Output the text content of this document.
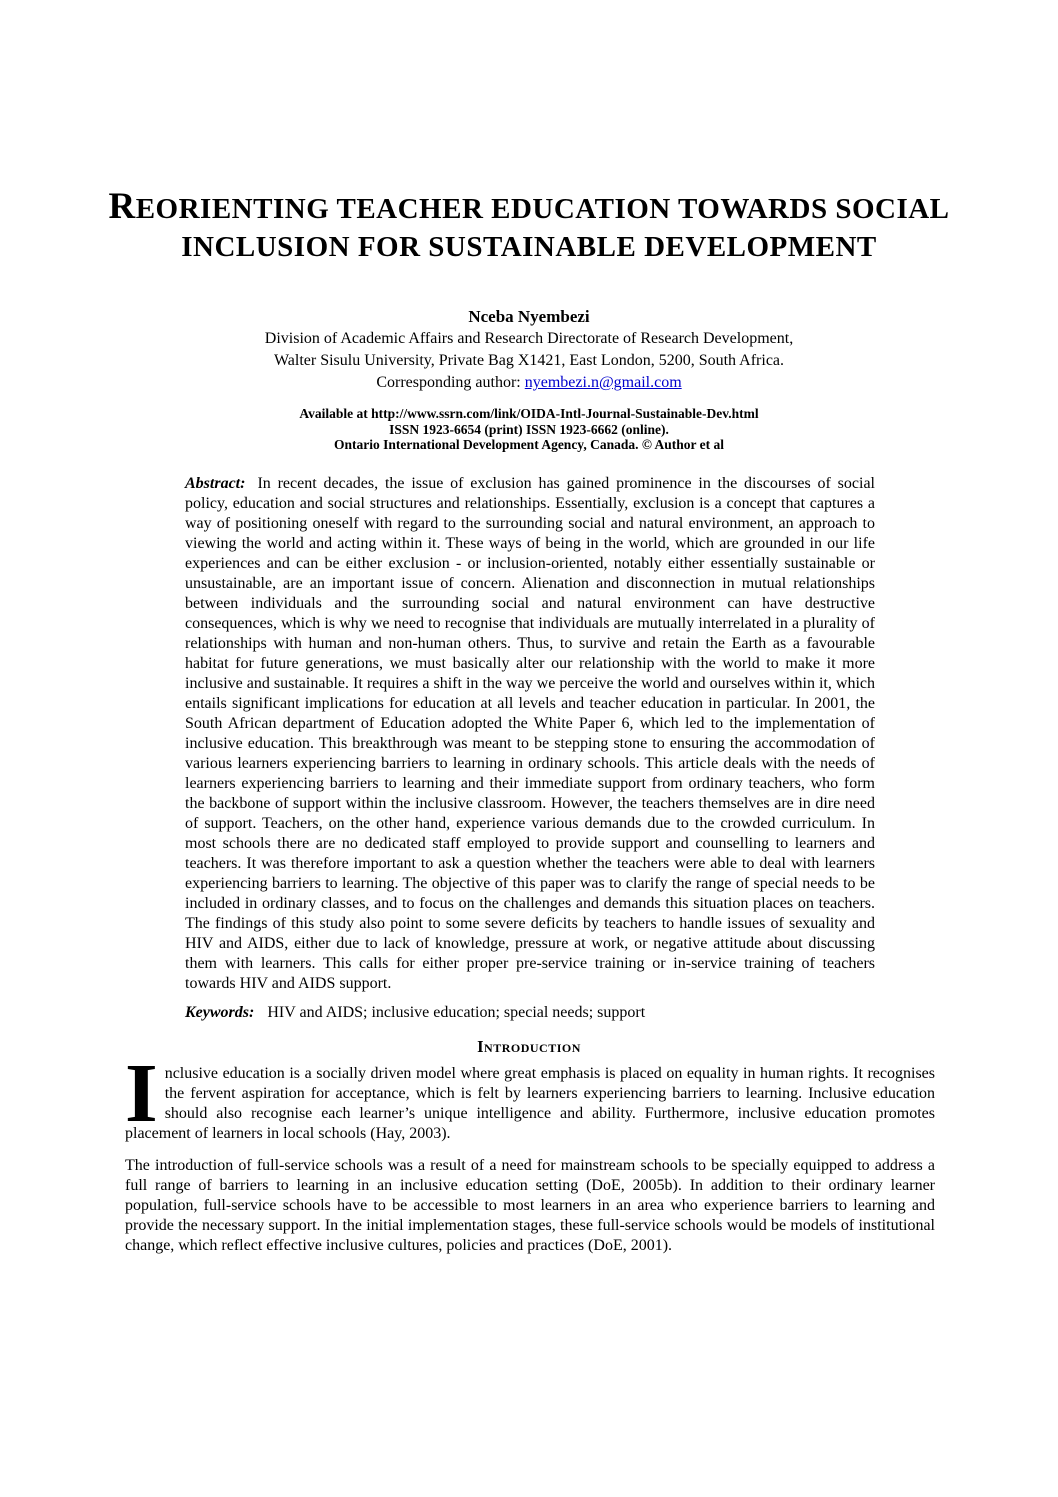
REORIENTING TEACHER EDUCATION TOWARDS SOCIAL
INCLUSION FOR SUSTAINABLE DEVELOPMENT
Nceba Nyembezi
Division of Academic Affairs and Research Directorate of Research Development,
Walter Sisulu University, Private Bag X1421, East London, 5200, South Africa.
Corresponding author: nyembezi.n@gmail.com
Available at http://www.ssrn.com/link/OIDA-Intl-Journal-Sustainable-Dev.html
ISSN 1923-6654 (print) ISSN 1923-6662 (online).
Ontario International Development Agency, Canada. © Author et al

Abstract: In recent decades, the issue of exclusion has gained prominence in the discourses of social policy, education and social structures and relationships. Essentially, exclusion is a concept that captures a way of positioning oneself with regard to the surrounding social and natural environment, an approach to viewing the world and acting within it. These ways of being in the world, which are grounded in our life experiences and can be either exclusion - or inclusion-oriented, notably either essentially sustainable or unsustainable, are an important issue of concern. Alienation and disconnection in mutual relationships between individuals and the surrounding social and natural environment can have destructive consequences, which is why we need to recognise that individuals are mutually interrelated in a plurality of relationships with human and non-human others. Thus, to survive and retain the Earth as a favourable habitat for future generations, we must basically alter our relationship with the world to make it more inclusive and sustainable. It requires a shift in the way we perceive the world and ourselves within it, which entails significant implications for education at all levels and teacher education in particular. In 2001, the South African department of Education adopted the White Paper 6, which led to the implementation of inclusive education. This breakthrough was meant to be stepping stone to ensuring the accommodation of various learners experiencing barriers to learning in ordinary schools. This article deals with the needs of learners experiencing barriers to learning and their immediate support from ordinary teachers, who form the backbone of support within the inclusive classroom. However, the teachers themselves are in dire need of support. Teachers, on the other hand, experience various demands due to the crowded curriculum. In most schools there are no dedicated staff employed to provide support and counselling to learners and teachers. It was therefore important to ask a question whether the teachers were able to deal with learners experiencing barriers to learning. The objective of this paper was to clarify the range of special needs to be included in ordinary classes, and to focus on the challenges and demands this situation places on teachers. The findings of this study also point to some severe deficits by teachers to handle issues of sexuality and HIV and AIDS, either due to lack of knowledge, pressure at work, or negative attitude about discussing them with learners. This calls for either proper pre-service training or in-service training of teachers towards HIV and AIDS support.

Keywords: HIV and AIDS; inclusive education; special needs; support

Introduction

Inclusive education is a socially driven model where great emphasis is placed on equality in human rights. It recognises the fervent aspiration for acceptance, which is felt by learners experiencing barriers to learning. Inclusive education should also recognise each learner’s unique intelligence and ability. Furthermore, inclusive education promotes placement of learners in local schools (Hay, 2003).

The introduction of full-service schools was a result of a need for mainstream schools to be specially equipped to address a full range of barriers to learning in an inclusive education setting (DoE, 2005b). In addition to their ordinary learner population, full-service schools have to be accessible to most learners in an area who experience barriers to learning and provide the necessary support. In the initial implementation stages, these full-service schools would be models of institutional change, which reflect effective inclusive cultures, policies and practices (DoE, 2001).
